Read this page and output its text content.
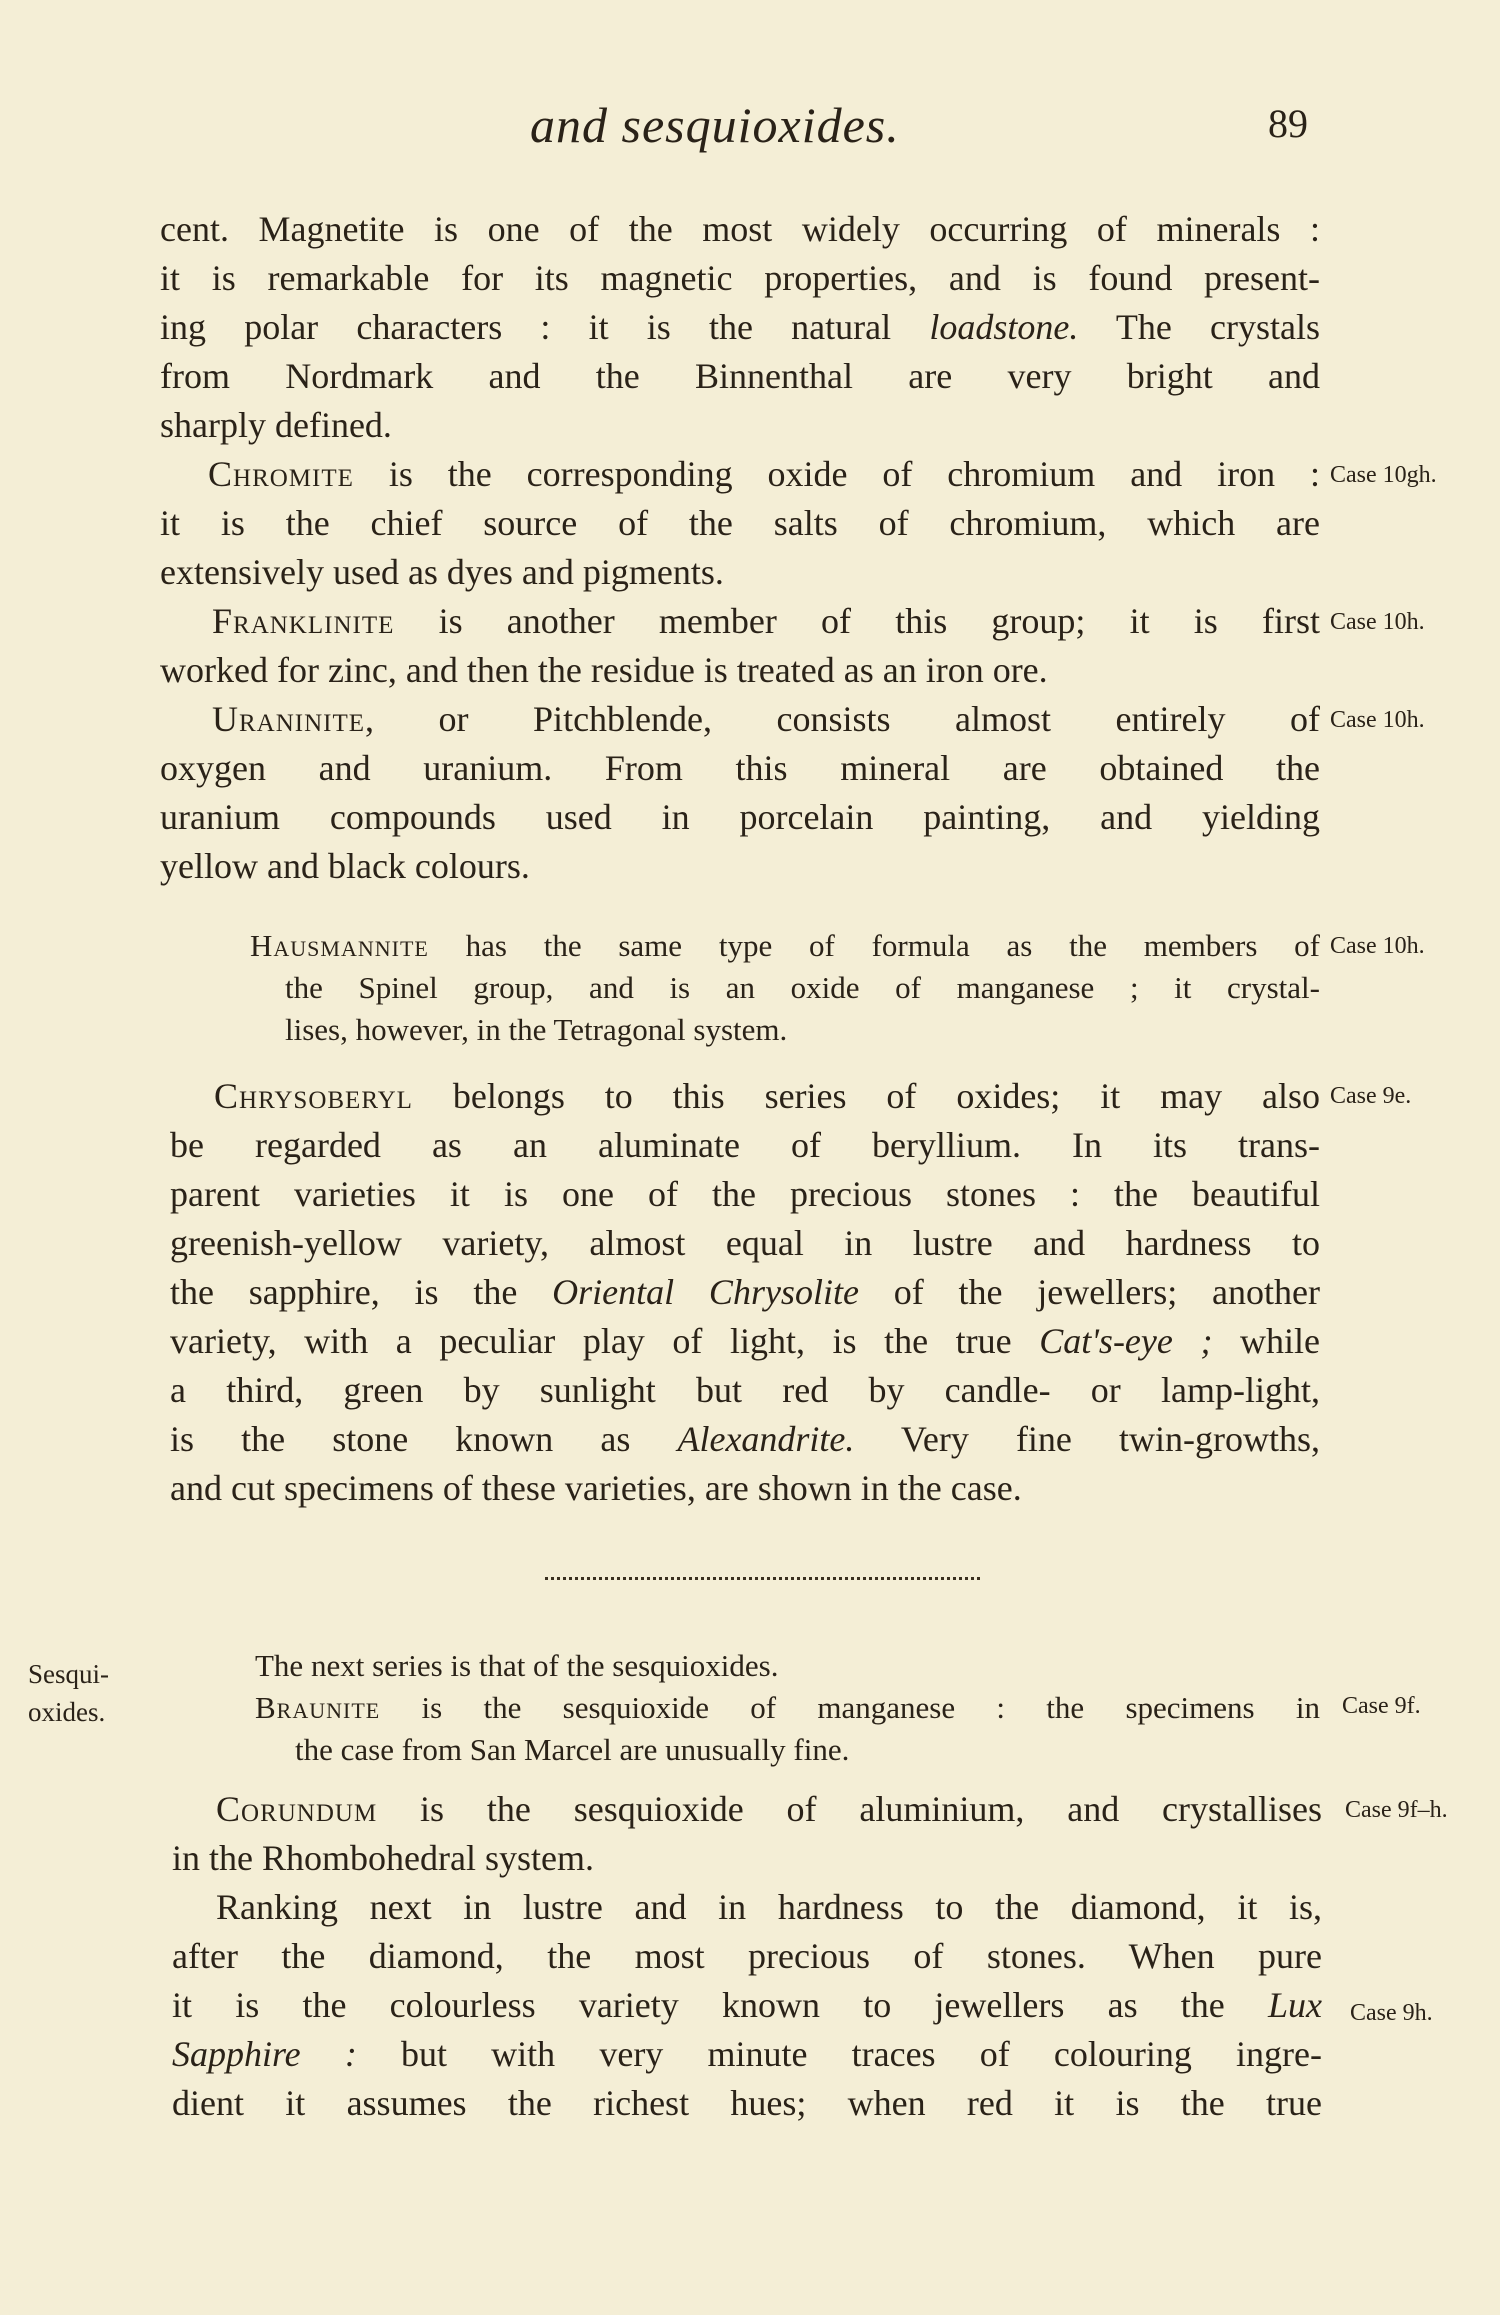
and sesquioxides.	89
cent. Magnetite is one of the most widely occurring of minerals :
it is remarkable for its magnetic properties, and is found present-
ing polar characters : it is the natural loadstone. The crystals
from Nordmark and the Binnenthal are very bright and
sharply defined.
Chromite is the corresponding oxide of chromium and iron :
it is the chief source of the salts of chromium, which are
extensively used as dyes and pigments.
Case 10gh.
Franklinite is another member of this group; it is first
worked for zinc, and then the residue is treated as an iron ore.
Case 10h.
Uraninite, or Pitchblende, consists almost entirely of
oxygen and uranium. From this mineral are obtained the
uranium compounds used in porcelain painting, and yielding
yellow and black colours.
Case 10h.
Hausmannite has the same type of formula as the members of
the Spinel group, and is an oxide of manganese ; it crystal-
lises, however, in the Tetragonal system.
Case 10h.
Chrysoberyl belongs to this series of oxides; it may also
be regarded as an aluminate of beryllium. In its trans-
parent varieties it is one of the precious stones : the beautiful
greenish-yellow variety, almost equal in lustre and hardness to
the sapphire, is the Oriental Chrysolite of the jewellers; another
variety, with a peculiar play of light, is the true Cat's-eye ; while
a third, green by sunlight but red by candle- or lamp-light,
is the stone known as Alexandrite. Very fine twin-growths,
and cut specimens of these varieties, are shown in the case.
Case 9e.
Sesqui-
oxides.
The next series is that of the sesquioxides.
Braunite is the sesquioxide of manganese : the specimens in
the case from San Marcel are unusually fine.
Case 9f.
Corundum is the sesquioxide of aluminium, and crystallises
in the Rhombohedral system.
Case 9f–h.
Ranking next in lustre and in hardness to the diamond, it is,
after the diamond, the most precious of stones. When pure
it is the colourless variety known to jewellers as the Lux
Sapphire : but with very minute traces of colouring ingre-
dient it assumes the richest hues; when red it is the true
Case 9h.
